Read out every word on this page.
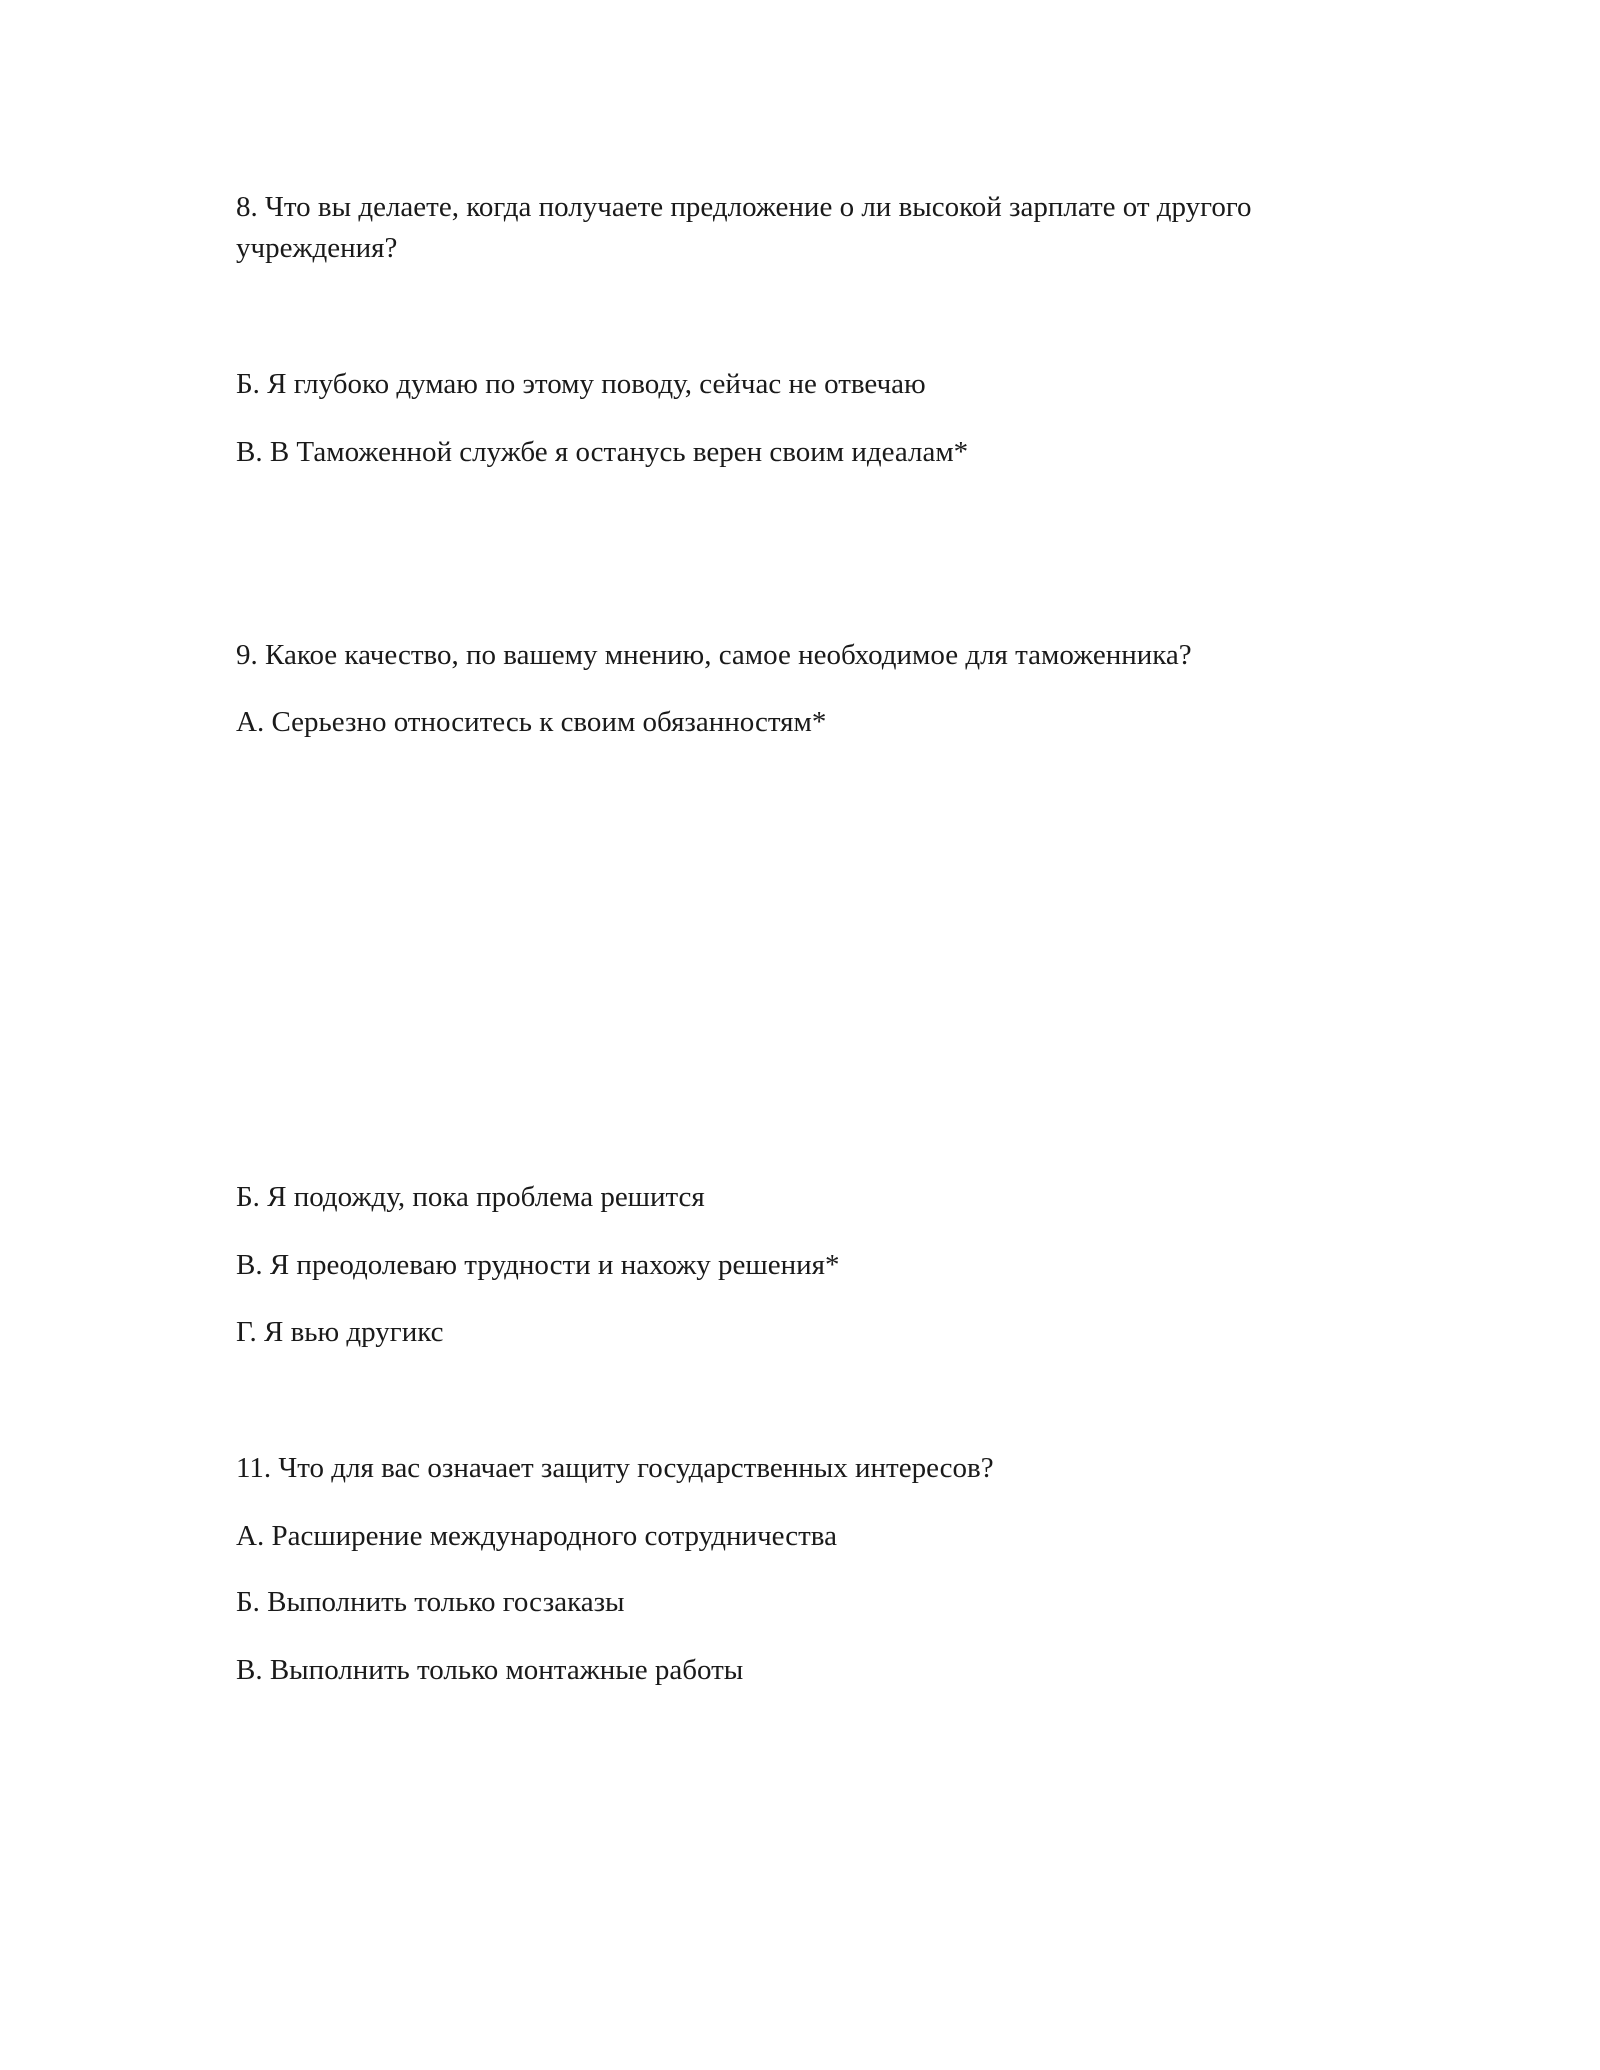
8. Что вы делаете, когда получаете предложение о ли высокой зарплате от другого

учреждения?

Б. Я глубоко думаю по этому поводу, сейчас не отвечаю

В. В Таможенной службе я останусь верен своим идеалам*

9. Какое качество, по вашему мнению, самое необходимое для таможенника?

А. Серьезно относитесь к своим обязанностям*

Б. Я подожду, пока проблема решится

В. Я преодолеваю трудности и нахожу решения*

Г. Я вью другикс

11. Что для вас означает защиту государственных интересов?

А. Расширение международного сотрудничества

Б. Выполнить только госзаказы

В. Выполнить только монтажные работы
